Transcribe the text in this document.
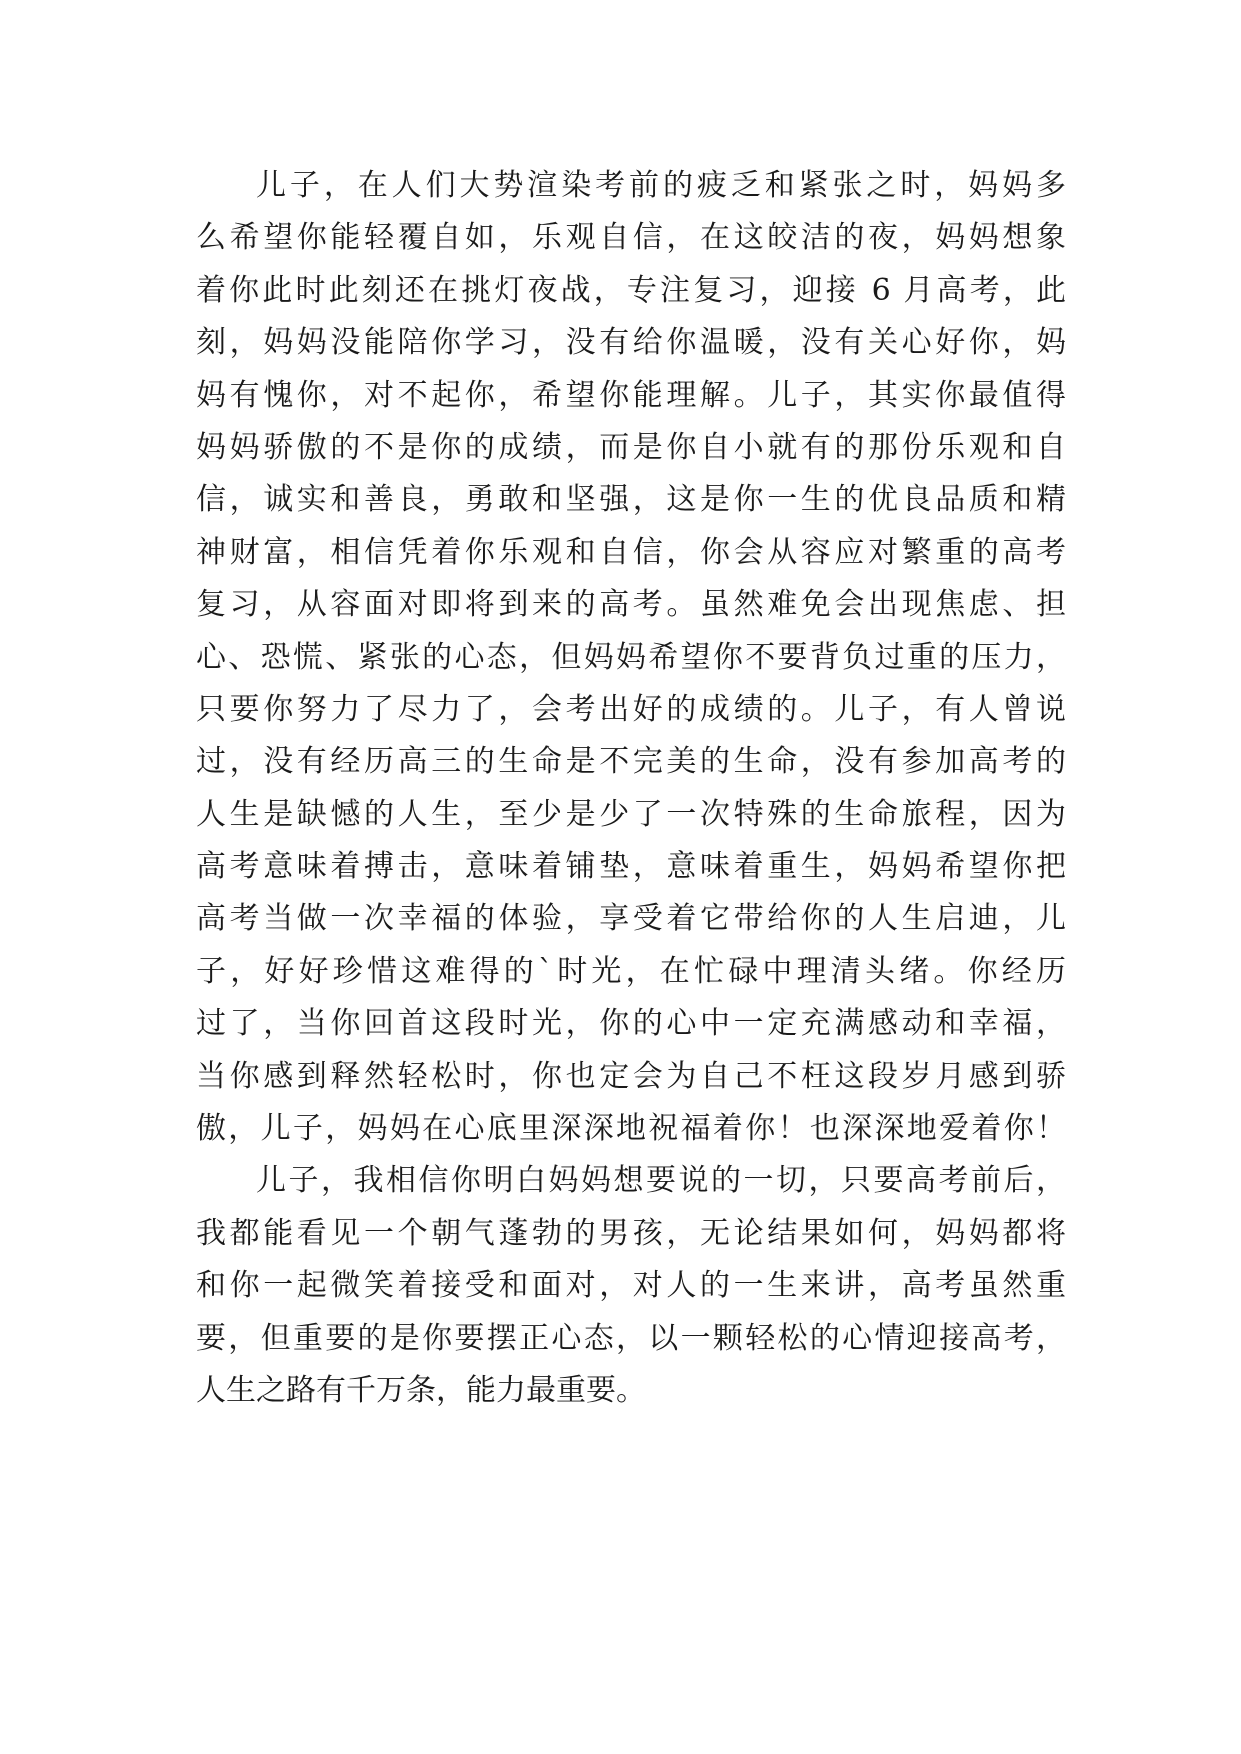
儿子，在人们大势渲染考前的疲乏和紧张之时，妈妈多
么希望你能轻覆自如，乐观自信，在这皎洁的夜，妈妈想象
着你此时此刻还在挑灯夜战，专注复习，迎接 6 月高考，此
刻，妈妈没能陪你学习，没有给你温暖，没有关心好你，妈
妈有愧你，对不起你，希望你能理解。儿子，其实你最值得
妈妈骄傲的不是你的成绩，而是你自小就有的那份乐观和自
信，诚实和善良，勇敢和坚强，这是你一生的优良品质和精
神财富，相信凭着你乐观和自信，你会从容应对繁重的高考
复习，从容面对即将到来的高考。虽然难免会出现焦虑、担
心、恐慌、紧张的心态，但妈妈希望你不要背负过重的压力，
只要你努力了尽力了，会考出好的成绩的。儿子，有人曾说
过，没有经历高三的生命是不完美的生命，没有参加高考的
人生是缺憾的人生，至少是少了一次特殊的生命旅程，因为
高考意味着搏击，意味着铺垫，意味着重生，妈妈希望你把
高考当做一次幸福的体验，享受着它带给你的人生启迪，儿
子，好好珍惜这难得的`时光，在忙碌中理清头绪。你经历
过了，当你回首这段时光，你的心中一定充满感动和幸福，
当你感到释然轻松时，你也定会为自己不枉这段岁月感到骄
傲，儿子，妈妈在心底里深深地祝福着你！也深深地爱着你！
儿子，我相信你明白妈妈想要说的一切，只要高考前后，
我都能看见一个朝气蓬勃的男孩，无论结果如何，妈妈都将
和你一起微笑着接受和面对，对人的一生来讲，高考虽然重
要，但重要的是你要摆正心态，以一颗轻松的心情迎接高考，
人生之路有千万条，能力最重要。
